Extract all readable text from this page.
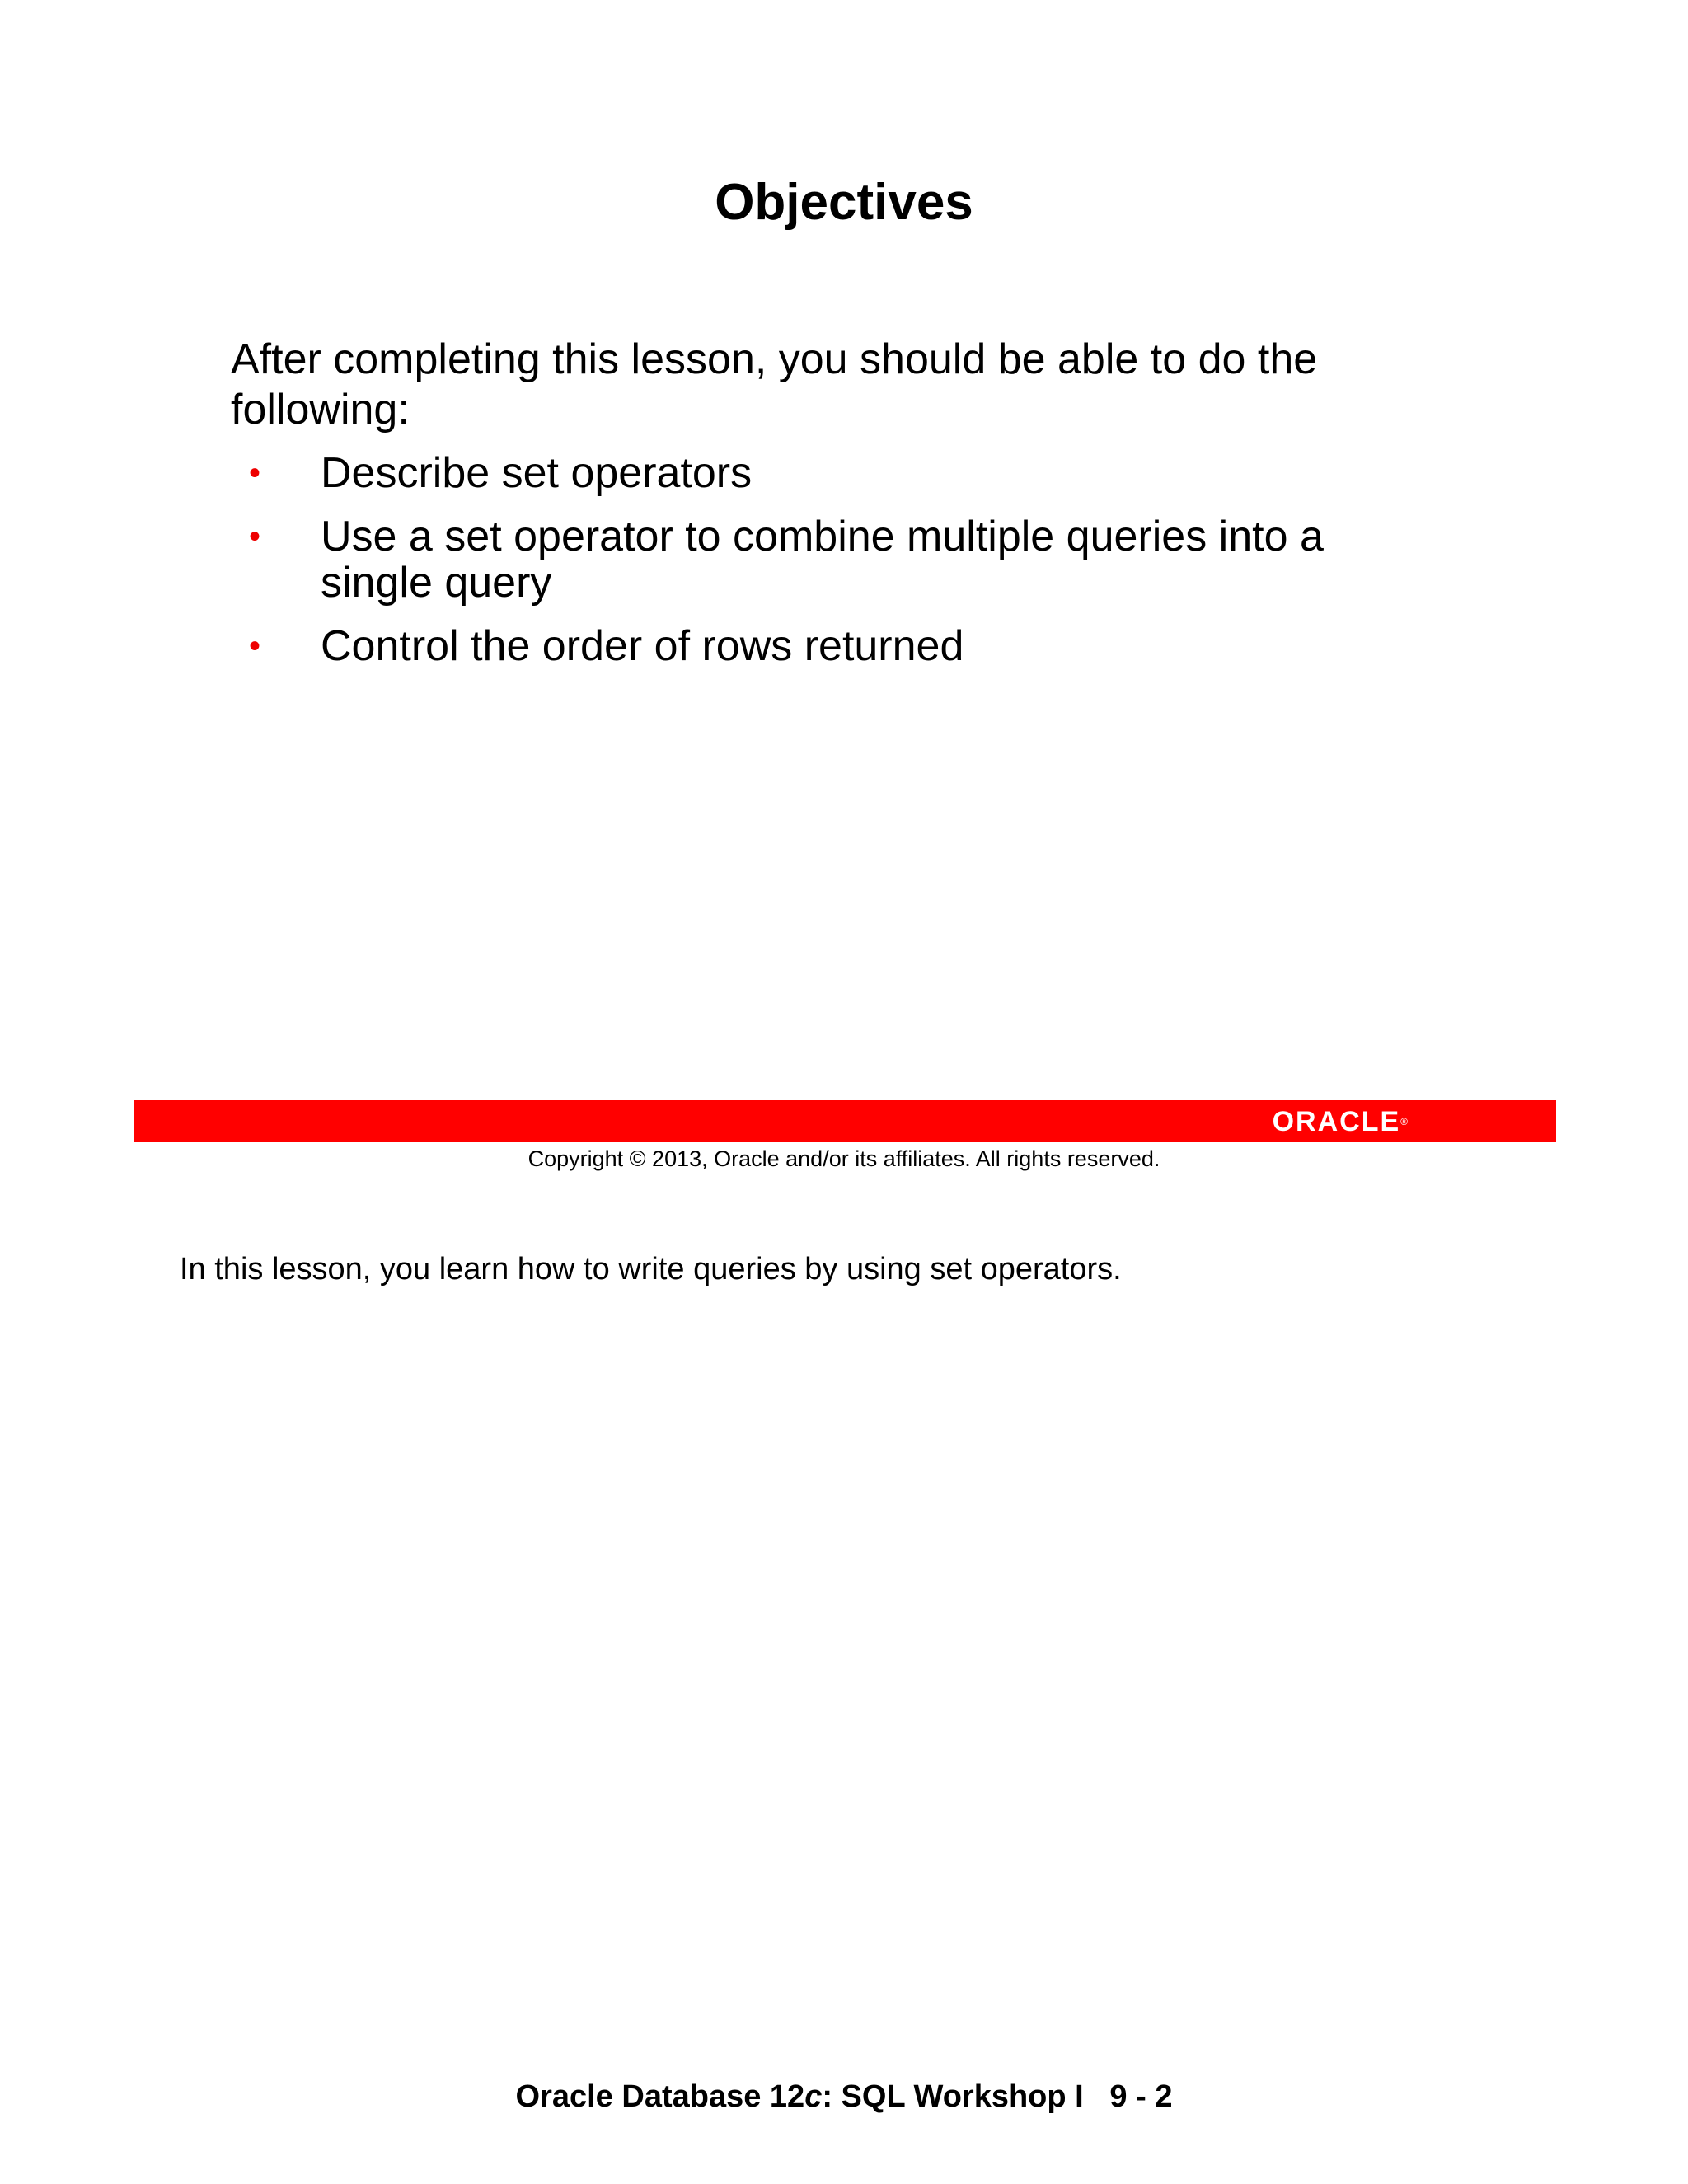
Objectives

After completing this lesson, you should be able to do the following:

• Describe set operators
• Use a set operator to combine multiple queries into a single query
• Control the order of rows returned
ORACLE®
Copyright © 2013, Oracle and/or its affiliates. All rights reserved.

In this lesson, you learn how to write queries by using set operators.

Oracle Database 12c: SQL Workshop I 9 - 2
